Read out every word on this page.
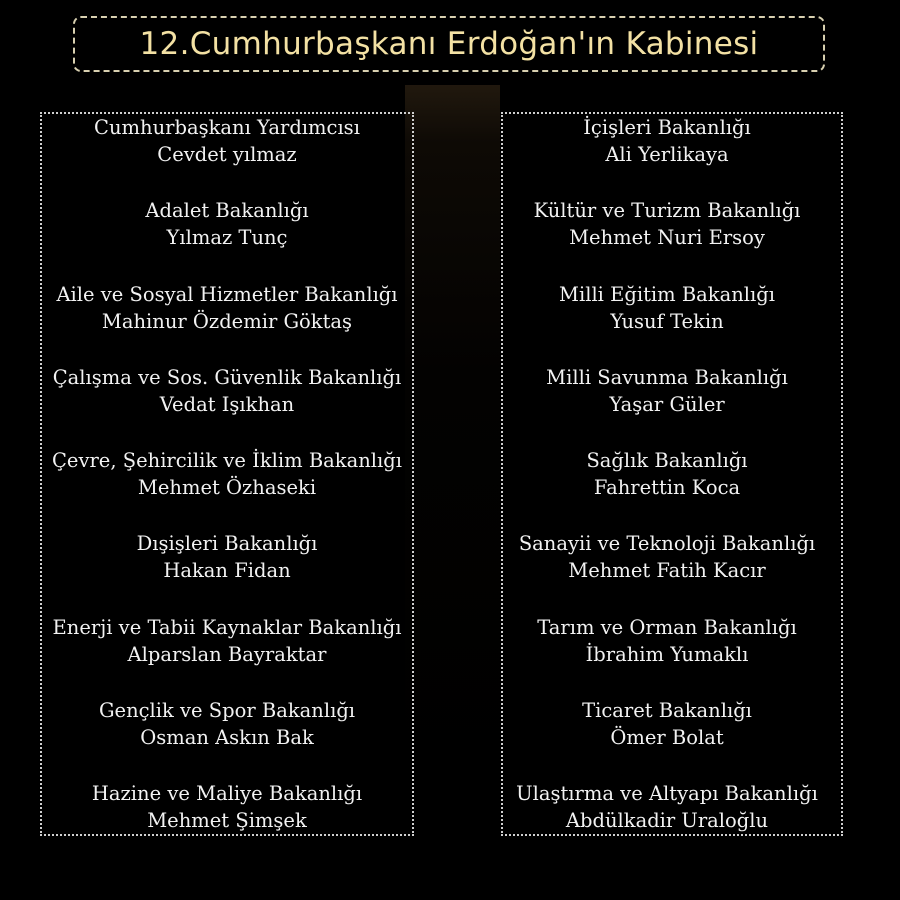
12.Cumhurbaşkanı Erdoğan'ın Kabinesi
Cumhurbaşkanı Yardımcısı
Cevdet yılmaz
Adalet Bakanlığı
Yılmaz Tunç
Aile ve Sosyal Hizmetler Bakanlığı
Mahinur Özdemir Göktaş
Çalışma ve Sos. Güvenlik Bakanlığı
Vedat Işıkhan
Çevre, Şehircilik ve İklim Bakanlığı
Mehmet Özhaseki
Dışişleri Bakanlığı
Hakan Fidan
Enerji ve Tabii Kaynaklar Bakanlığı
Alparslan Bayraktar
Gençlik ve Spor Bakanlığı
Osman Askın Bak
Hazine ve Maliye Bakanlığı
Mehmet Şimşek
İçişleri Bakanlığı
Ali Yerlikaya
Kültür ve Turizm Bakanlığı
Mehmet Nuri Ersoy
Milli Eğitim Bakanlığı
Yusuf Tekin
Milli Savunma Bakanlığı
Yaşar Güler
Sağlık Bakanlığı
Fahrettin Koca
Sanayii ve Teknoloji Bakanlığı
Mehmet Fatih Kacır
Tarım ve Orman Bakanlığı
İbrahim Yumaklı
Ticaret Bakanlığı
Ömer Bolat
Ulaştırma ve Altyapı Bakanlığı
Abdülkadir Uraloğlu
